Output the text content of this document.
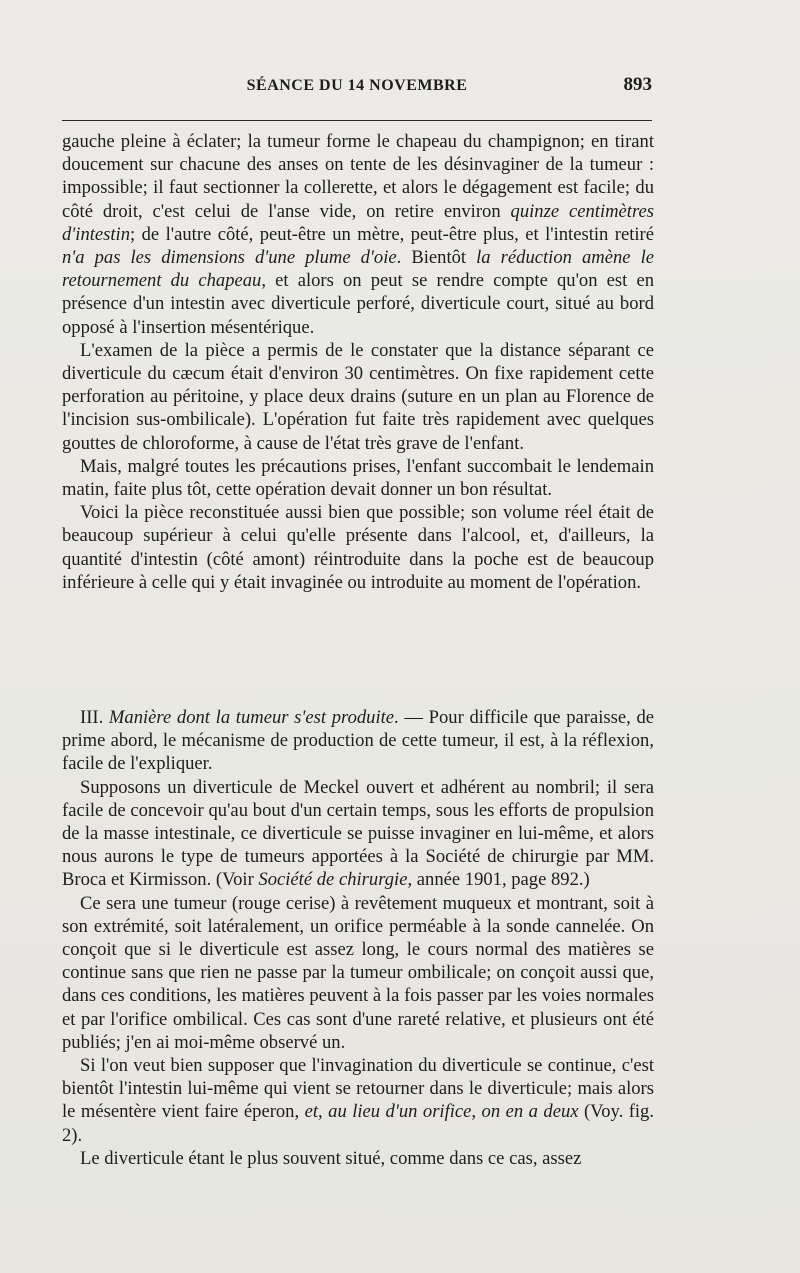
SÉANCE DU 14 NOVEMBRE	893

gauche pleine à éclater; la tumeur forme le chapeau du champignon; en tirant doucement sur chacune des anses on tente de les désinvaginer de la tumeur : impossible; il faut sectionner la collerette, et alors le dégagement est facile; du côté droit, c'est celui de l'anse vide, on retire environ quinze centimètres d'intestin; de l'autre côté, peut-être un mètre, peut-être plus, et l'intestin retiré n'a pas les dimensions d'une plume d'oie. Bientôt la réduction amène le retournement du chapeau, et alors on peut se rendre compte qu'on est en présence d'un intestin avec diverticule perforé, diverticule court, situé au bord opposé à l'insertion mésentérique.

L'examen de la pièce a permis de le constater que la distance séparant ce diverticule du cæcum était d'environ 30 centimètres. On fixe rapidement cette perforation au péritoine, y place deux drains (suture en un plan au Florence de l'incision sus-ombilicale). L'opération fut faite très rapidement avec quelques gouttes de chloroforme, à cause de l'état très grave de l'enfant.

Mais, malgré toutes les précautions prises, l'enfant succombait le lendemain matin, faite plus tôt, cette opération devait donner un bon résultat.

Voici la pièce reconstituée aussi bien que possible; son volume réel était de beaucoup supérieur à celui qu'elle présente dans l'alcool, et, d'ailleurs, la quantité d'intestin (côté amont) réintroduite dans la poche est de beaucoup inférieure à celle qui y était invaginée ou introduite au moment de l'opération.

III. Manière dont la tumeur s'est produite. — Pour difficile que paraisse, de prime abord, le mécanisme de production de cette tumeur, il est, à la réflexion, facile de l'expliquer.

Supposons un diverticule de Meckel ouvert et adhérent au nombril; il sera facile de concevoir qu'au bout d'un certain temps, sous les efforts de propulsion de la masse intestinale, ce diverticule se puisse invaginer en lui-même, et alors nous aurons le type de tumeurs apportées à la Société de chirurgie par MM. Broca et Kirmisson. (Voir Société de chirurgie, année 1901, page 892.)

Ce sera une tumeur (rouge cerise) à revêtement muqueux et montrant, soit à son extrémité, soit latéralement, un orifice perméable à la sonde cannelée. On conçoit que si le diverticule est assez long, le cours normal des matières se continue sans que rien ne passe par la tumeur ombilicale; on conçoit aussi que, dans ces conditions, les matières peuvent à la fois passer par les voies normales et par l'orifice ombilical. Ces cas sont d'une rareté relative, et plusieurs ont été publiés; j'en ai moi-même observé un.

Si l'on veut bien supposer que l'invagination du diverticule se continue, c'est bientôt l'intestin lui-même qui vient se retourner dans le diverticule; mais alors le mésentère vient faire éperon, et, au lieu d'un orifice, on en a deux (Voy. fig. 2).

Le diverticule étant le plus souvent situé, comme dans ce cas, assez
